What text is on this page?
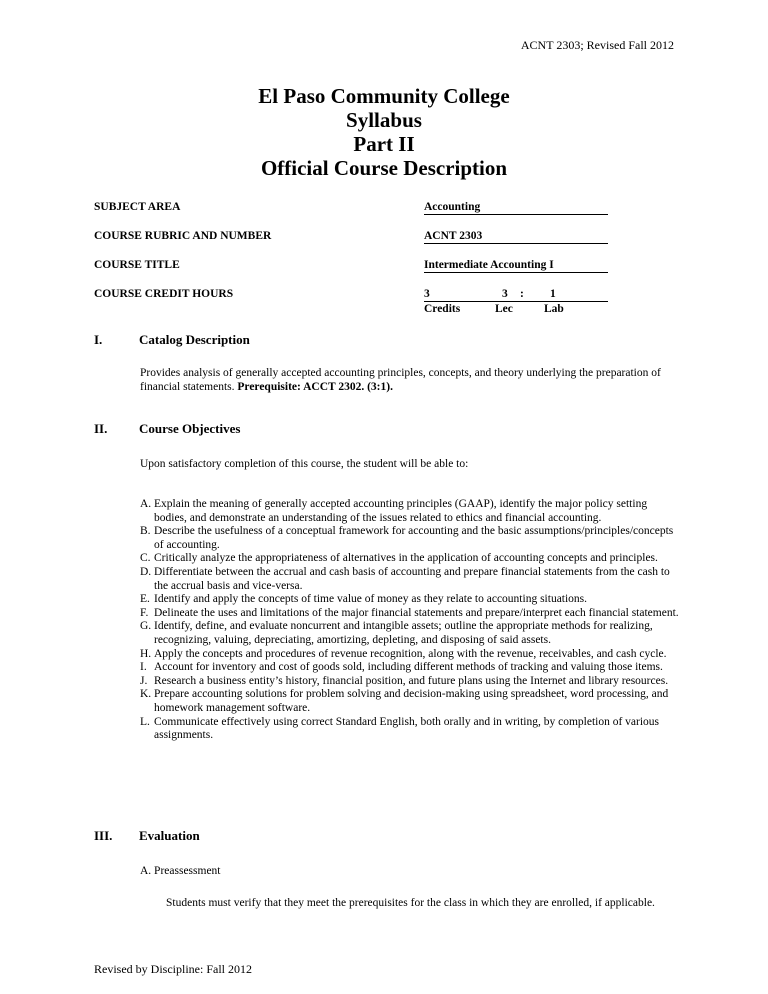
ACNT 2303; Revised Fall 2012
El Paso Community College
Syllabus
Part II
Official Course Description
SUBJECT AREA	Accounting
COURSE RUBRIC AND NUMBER	ACNT 2303
COURSE TITLE	Intermediate Accounting I
COURSE CREDIT HOURS	3	3 : 1
Credits	Lec	Lab
I.	Catalog Description
Provides analysis of generally accepted accounting principles, concepts, and theory underlying the preparation of financial statements. Prerequisite: ACCT 2302. (3:1).
II. Course Objectives
Upon satisfactory completion of this course, the student will be able to:
A. Explain the meaning of generally accepted accounting principles (GAAP), identify the major policy setting bodies, and demonstrate an understanding of the issues related to ethics and financial accounting.
B. Describe the usefulness of a conceptual framework for accounting and the basic assumptions/principles/concepts of accounting.
C. Critically analyze the appropriateness of alternatives in the application of accounting concepts and principles.
D. Differentiate between the accrual and cash basis of accounting and prepare financial statements from the cash to the accrual basis and vice-versa.
E. Identify and apply the concepts of time value of money as they relate to accounting situations.
F. Delineate the uses and limitations of the major financial statements and prepare/interpret each financial statement.
G. Identify, define, and evaluate noncurrent and intangible assets; outline the appropriate methods for realizing, recognizing, valuing, depreciating, amortizing, depleting, and disposing of said assets.
H. Apply the concepts and procedures of revenue recognition, along with the revenue, receivables, and cash cycle.
I. Account for inventory and cost of goods sold, including different methods of tracking and valuing those items.
J. Research a business entity’s history, financial position, and future plans using the Internet and library resources.
K. Prepare accounting solutions for problem solving and decision-making using spreadsheet, word processing, and homework management software.
L. Communicate effectively using correct Standard English, both orally and in writing, by completion of various assignments.
III. Evaluation
A. Preassessment
Students must verify that they meet the prerequisites for the class in which they are enrolled, if applicable.
Revised by Discipline: Fall 2012
